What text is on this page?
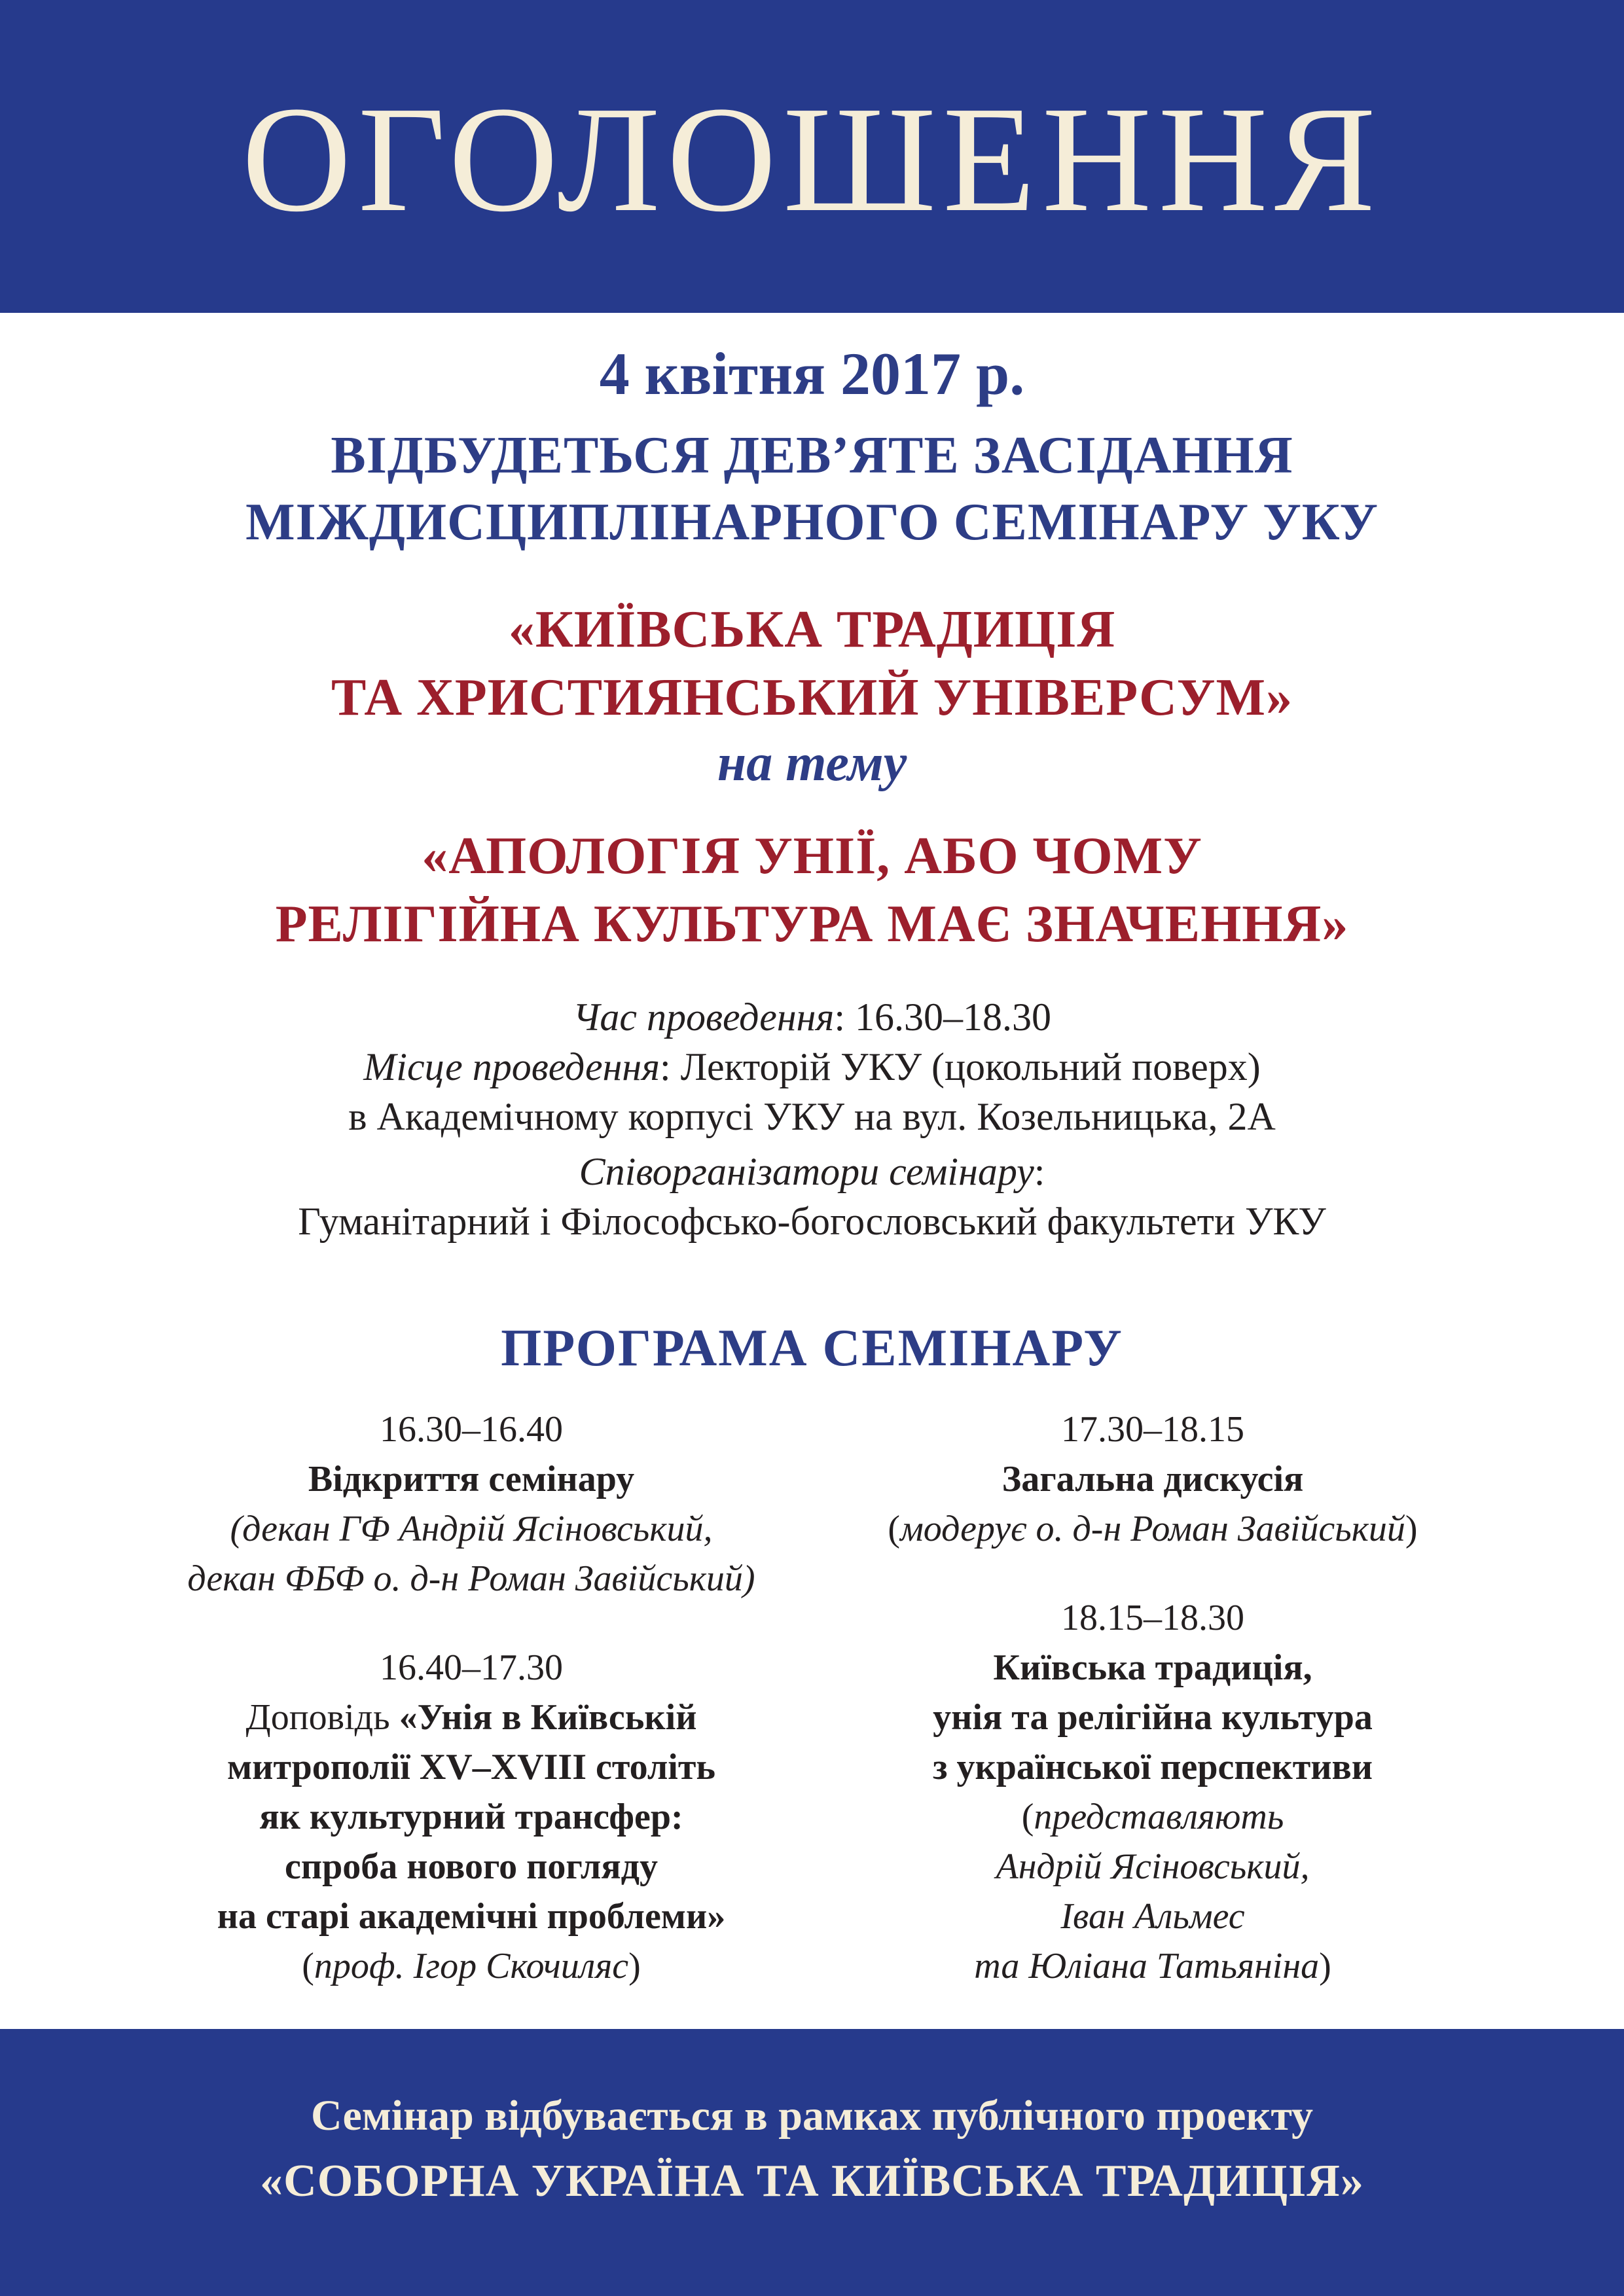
ОГОЛОШЕННЯ
4 квітня 2017 р.
ВІДБУДЕТЬСЯ ДЕВ’ЯТЕ ЗАСІДАННЯ
МІЖДИСЦИПЛІНАРНОГО СЕМІНАРУ УКУ
«КИЇВСЬКА ТРАДИЦІЯ
ТА ХРИСТИЯНСЬКИЙ УНІВЕРСУМ»
на тему
«АПОЛОГІЯ УНІЇ, АБО ЧОМУ
РЕЛІГІЙНА КУЛЬТУРА МАЄ ЗНАЧЕННЯ»
Час проведення: 16.30–18.30
Місце проведення: Лекторій УКУ (цокольний поверх)
в Академічному корпусі УКУ на вул. Козельницька, 2А
Співорганізатори семінару:
Гуманітарний і Філософсько-богословський факультети УКУ
ПРОГРАМА СЕМІНАРУ
16.30–16.40
Відкриття семінару
(декан ГФ Андрій Ясіновський,
декан ФБФ о. д-н Роман Завійський)
16.40–17.30
Доповідь «Унія в Київській
митрополії XV–XVIII століть
як культурний трансфер:
спроба нового погляду
на старі академічні проблеми»
(проф. Ігор Скочиляс)
17.30–18.15
Загальна дискусія
(модерує о. д-н Роман Завійський)
18.15–18.30
Київська традиція,
унія та релігійна культура
з української перспективи
(представляють
Андрій Ясіновський,
Іван Альмес
та Юліана Татьяніна)
Семінар відбувається в рамках публічного проекту
«СОБОРНА УКРАЇНА ТА КИЇВСЬКА ТРАДИЦІЯ»
